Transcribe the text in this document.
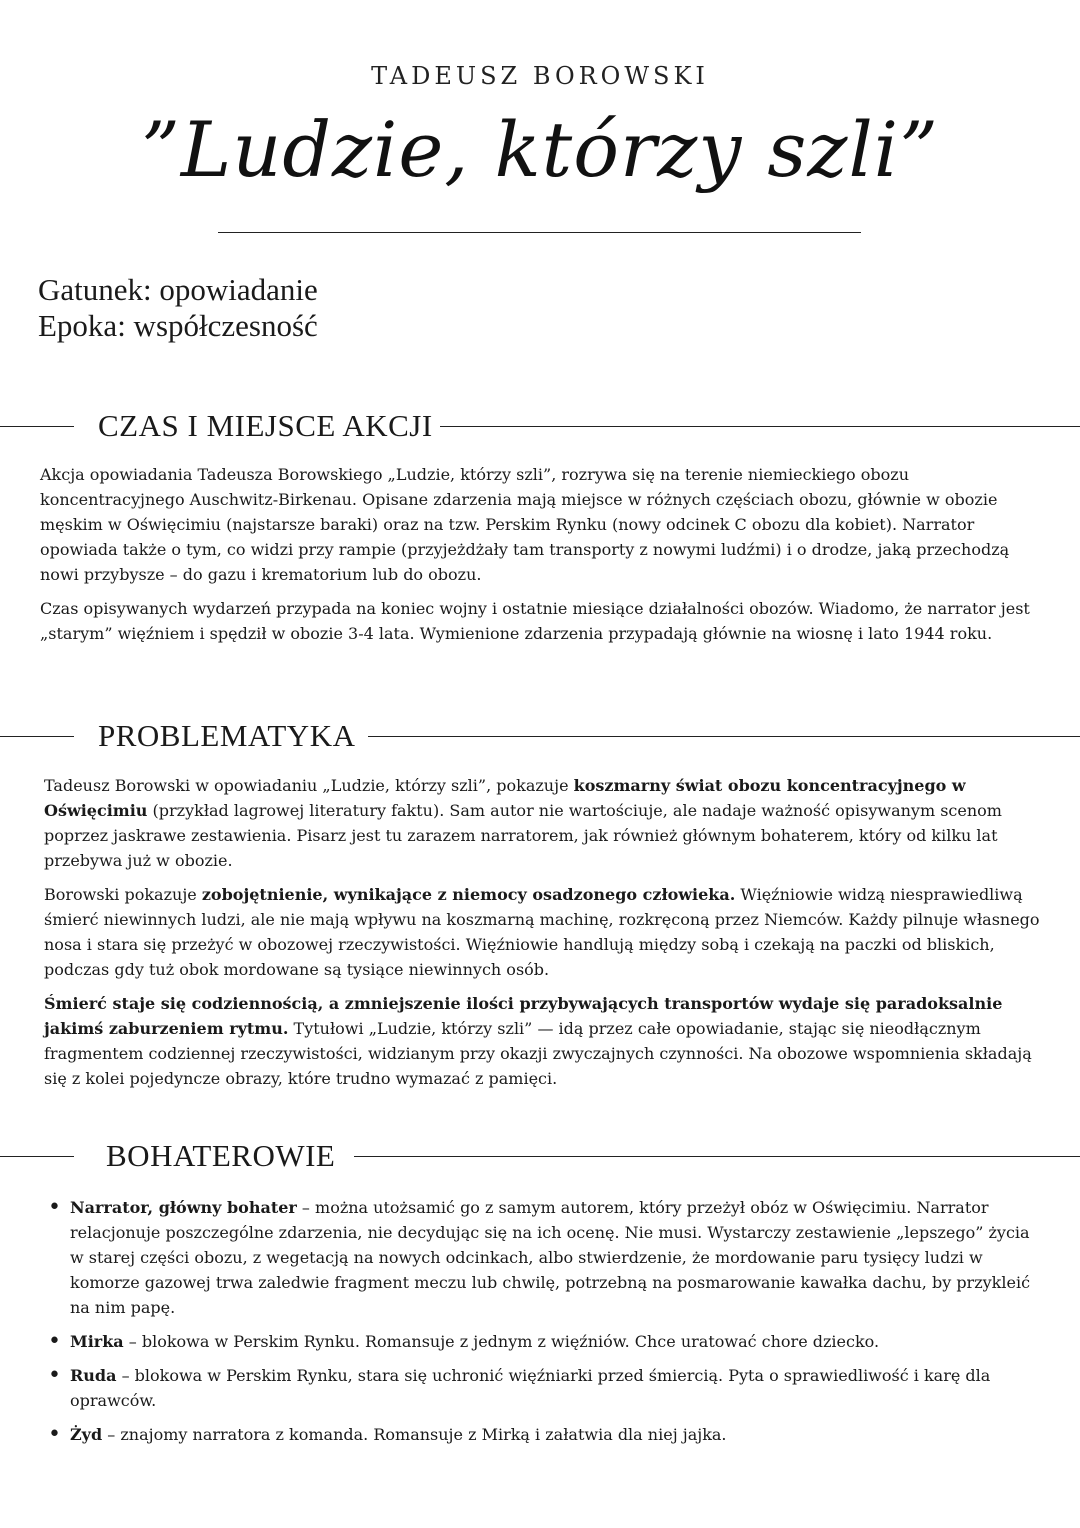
TADEUSZ BOROWSKI
”Ludzie, którzy szli”
Gatunek: opowiadanie
Epoka: współczesność
CZAS I MIEJSCE AKCJI

Akcja opowiadania Tadeusza Borowskiego „Ludzie, którzy szli”, rozrywa się na terenie niemieckiego obozu koncentracyjnego Auschwitz-Birkenau. Opisane zdarzenia mają miejsce w różnych częściach obozu, głównie w obozie męskim w Oświęcimiu (najstarsze baraki) oraz na tzw. Perskim Rynku (nowy odcinek C obozu dla kobiet). Narrator opowiada także o tym, co widzi przy rampie (przyjeżdżały tam transporty z nowymi ludźmi) i o drodze, jaką przechodzą nowi przybysze – do gazu i krematorium lub do obozu.

Czas opisywanych wydarzeń przypada na koniec wojny i ostatnie miesiące działalności obozów. Wiadomo, że narrator jest „starym” więźniem i spędził w obozie 3-4 lata. Wymienione zdarzenia przypadają głównie na wiosnę i lato 1944 roku.

PROBLEMATYKA

Tadeusz Borowski w opowiadaniu „Ludzie, którzy szli”, pokazuje koszmarny świat obozu koncentracyjnego w Oświęcimiu (przykład lagrowej literatury faktu). Sam autor nie wartościuje, ale nadaje ważność opisywanym scenom poprzez jaskrawe zestawienia. Pisarz jest tu zarazem narratorem, jak również głównym bohaterem, który od kilku lat przebywa już w obozie.

Borowski pokazuje zobojętnienie, wynikające z niemocy osadzonego człowieka. Więźniowie widzą niesprawiedliwą śmierć niewinnych ludzi, ale nie mają wpływu na koszmarną machinę, rozkręconą przez Niemców. Każdy pilnuje własnego nosa i stara się przeżyć w obozowej rzeczywistości. Więźniowie handlują między sobą i czekają na paczki od bliskich, podczas gdy tuż obok mordowane są tysiące niewinnych osób.

Śmierć staje się codziennością, a zmniejszenie ilości przybywających transportów wydaje się paradoksalnie jakimś zaburzeniem rytmu. Tytułowi „Ludzie, którzy szli” — idą przez całe opowiadanie, stając się nieodłącznym fragmentem codziennej rzeczywistości, widzianym przy okazji zwyczajnych czynności. Na obozowe wspomnienia składają się z kolei pojedyncze obrazy, które trudno wymazać z pamięci.

BOHATEROWIE
• Narrator, główny bohater – można utożsamić go z samym autorem, który przeżył obóz w Oświęcimiu. Narrator relacjonuje poszczególne zdarzenia, nie decydując się na ich ocenę. Nie musi. Wystarczy zestawienie „lepszego” życia w starej części obozu, z wegetacją na nowych odcinkach, albo stwierdzenie, że mordowanie paru tysięcy ludzi w komorze gazowej trwa zaledwie fragment meczu lub chwilę, potrzebną na posmarowanie kawałka dachu, by przykleić na nim papę.
• Mirka – blokowa w Perskim Rynku. Romansuje z jednym z więźniów. Chce uratować chore dziecko.
• Ruda – blokowa w Perskim Rynku, stara się uchronić więźniarki przed śmiercią. Pyta o sprawiedliwość i karę dla oprawców.
• Żyd – znajomy narratora z komanda. Romansuje z Mirką i załatwia dla niej jajka.
